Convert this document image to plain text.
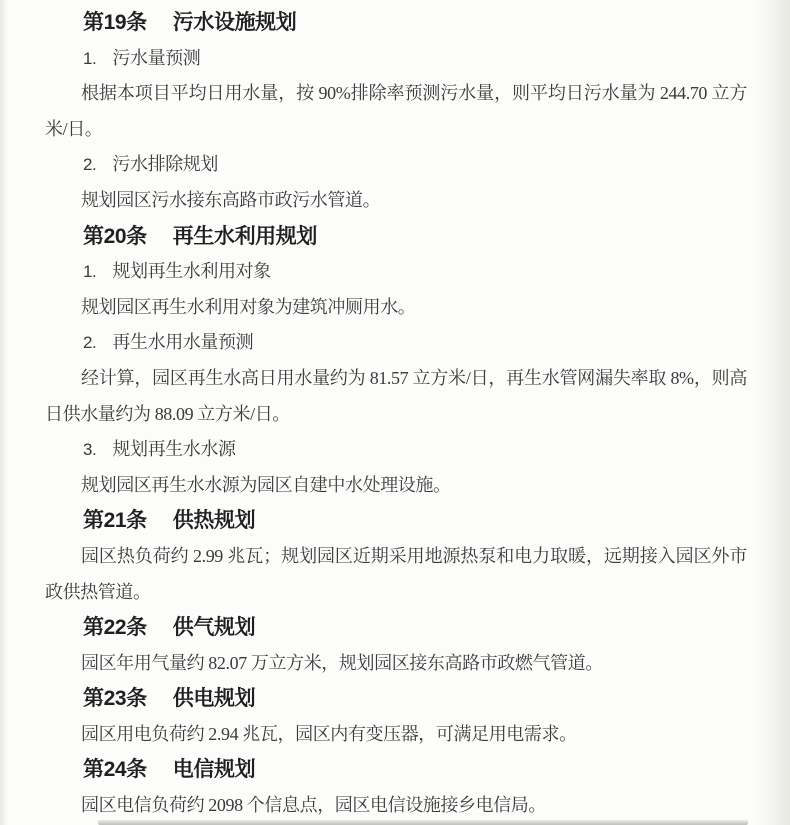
第19条 污水设施规划
1. 污水量预测

根据本项目平均日用水量，按 90%排除率预测污水量，则平均日污水量为 244.70 立方米/日。

2. 污水排除规划

规划园区污水接东高路市政污水管道。

第20条 再生水利用规划
1. 规划再生水利用对象

规划园区再生水利用对象为建筑冲厕用水。

2. 再生水用水量预测

经计算，园区再生水高日用水量约为 81.57 立方米/日，再生水管网漏失率取 8%，则高日供水量约为 88.09 立方米/日。

3. 规划再生水水源

规划园区再生水水源为园区自建中水处理设施。

第21条 供热规划

园区热负荷约 2.99 兆瓦；规划园区近期采用地源热泵和电力取暖，远期接入园区外市政供热管道。

第22条 供气规划

园区年用气量约 82.07 万立方米，规划园区接东高路市政燃气管道。

第23条 供电规划

园区用电负荷约 2.94 兆瓦，园区内有变压器，可满足用电需求。

第24条 电信规划

园区电信负荷约 2098 个信息点，园区电信设施接乡电信局。
